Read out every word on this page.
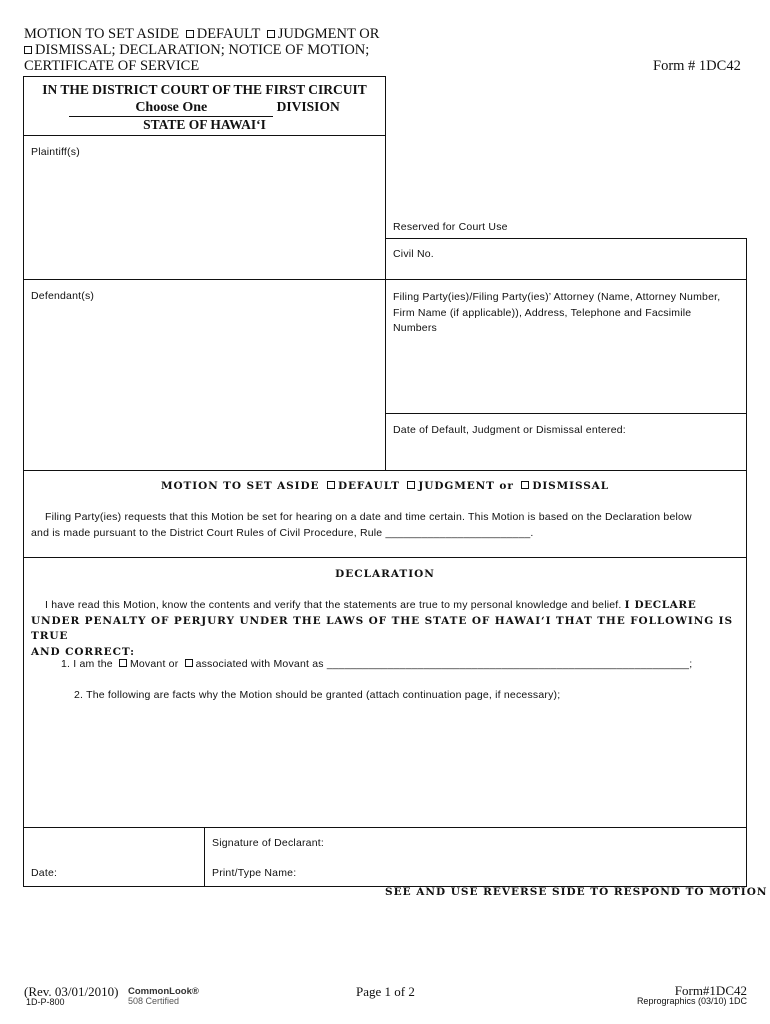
MOTION TO SET ASIDE DEFAULT JUDGMENT OR
DISMISSAL; DECLARATION; NOTICE OF MOTION;
CERTIFICATE OF SERVICE	Form # 1DC42
IN THE DISTRICT COURT OF THE FIRST CIRCUIT
Choose One	DIVISION
STATE OF HAWAI‘I
Plaintiff(s)
Defendant(s)
Reserved for Court Use
Civil No.
Filing Party(ies)/Filing Party(ies)’ Attorney (Name, Attorney Number, Firm Name (if applicable)), Address, Telephone and Facsimile Numbers
Date of Default, Judgment or Dismissal entered:
MOTION TO SET ASIDE DEFAULT JUDGMENT or DISMISSAL
Filing Party(ies) requests that this Motion be set for hearing on a date and time certain. This Motion is based on the Declaration below
and is made pursuant to the District Court Rules of Civil Procedure, Rule ________________________.
DECLARATION
I have read this Motion, know the contents and verify that the statements are true to my personal knowledge and belief. I DECLARE
UNDER PENALTY OF PERJURY UNDER THE LAWS OF THE STATE OF HAWAI‘I THAT THE FOLLOWING IS TRUE
AND CORRECT:
1. I am the Movant or associated with Movant as ____________________________________________________________;
2. The following are facts why the Motion should be granted (attach continuation page, if necessary);
Date:
Signature of Declarant:
Print/Type Name:
SEE AND USE REVERSE SIDE TO RESPOND TO MOTION
(Rev. 03/01/2010)
1D-P-800
CommonLook®
508 Certified
Page 1 of 2	Form#1DC42
Reprographics (03/10) 1DC
